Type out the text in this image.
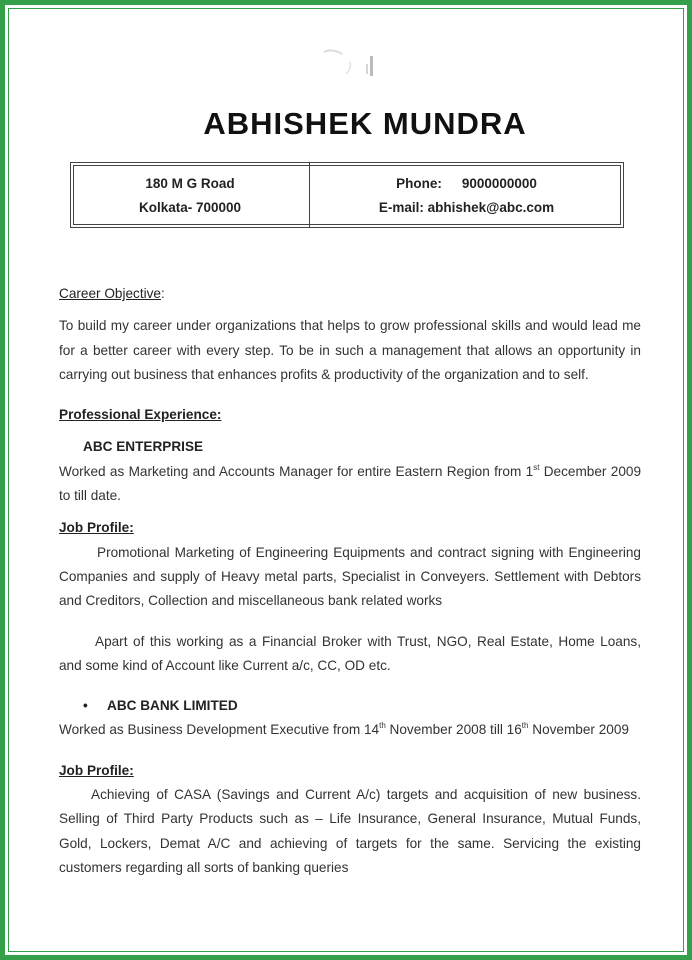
ABHISHEK MUNDRA
180 M G Road
Kolkata- 700000
Phone: 9000000000
E-mail: abhishek@abc.com
Career Objective:

To build my career under organizations that helps to grow professional skills and would lead me for a better career with every step. To be in such a management that allows an opportunity in carrying out business that enhances profits & productivity of the organization and to self.

Professional Experience:
ABC ENTERPRISE

Worked as Marketing and Accounts Manager for entire Eastern Region from 1st December 2009 to till date.

Job Profile:

Promotional Marketing of Engineering Equipments and contract signing with Engineering Companies and supply of Heavy metal parts, Specialist in Conveyers. Settlement with Debtors and Creditors, Collection and miscellaneous bank related works

Apart of this working as a Financial Broker with Trust, NGO, Real Estate, Home Loans, and some kind of Account like Current a/c, CC, OD etc.

• ABC BANK LIMITED

Worked as Business Development Executive from 14th November 2008 till 16th November 2009

Job Profile:

Achieving of CASA (Savings and Current A/c) targets and acquisition of new business. Selling of Third Party Products such as – Life Insurance, General Insurance, Mutual Funds, Gold, Lockers, Demat A/C and achieving of targets for the same. Servicing the existing customers regarding all sorts of banking queries
